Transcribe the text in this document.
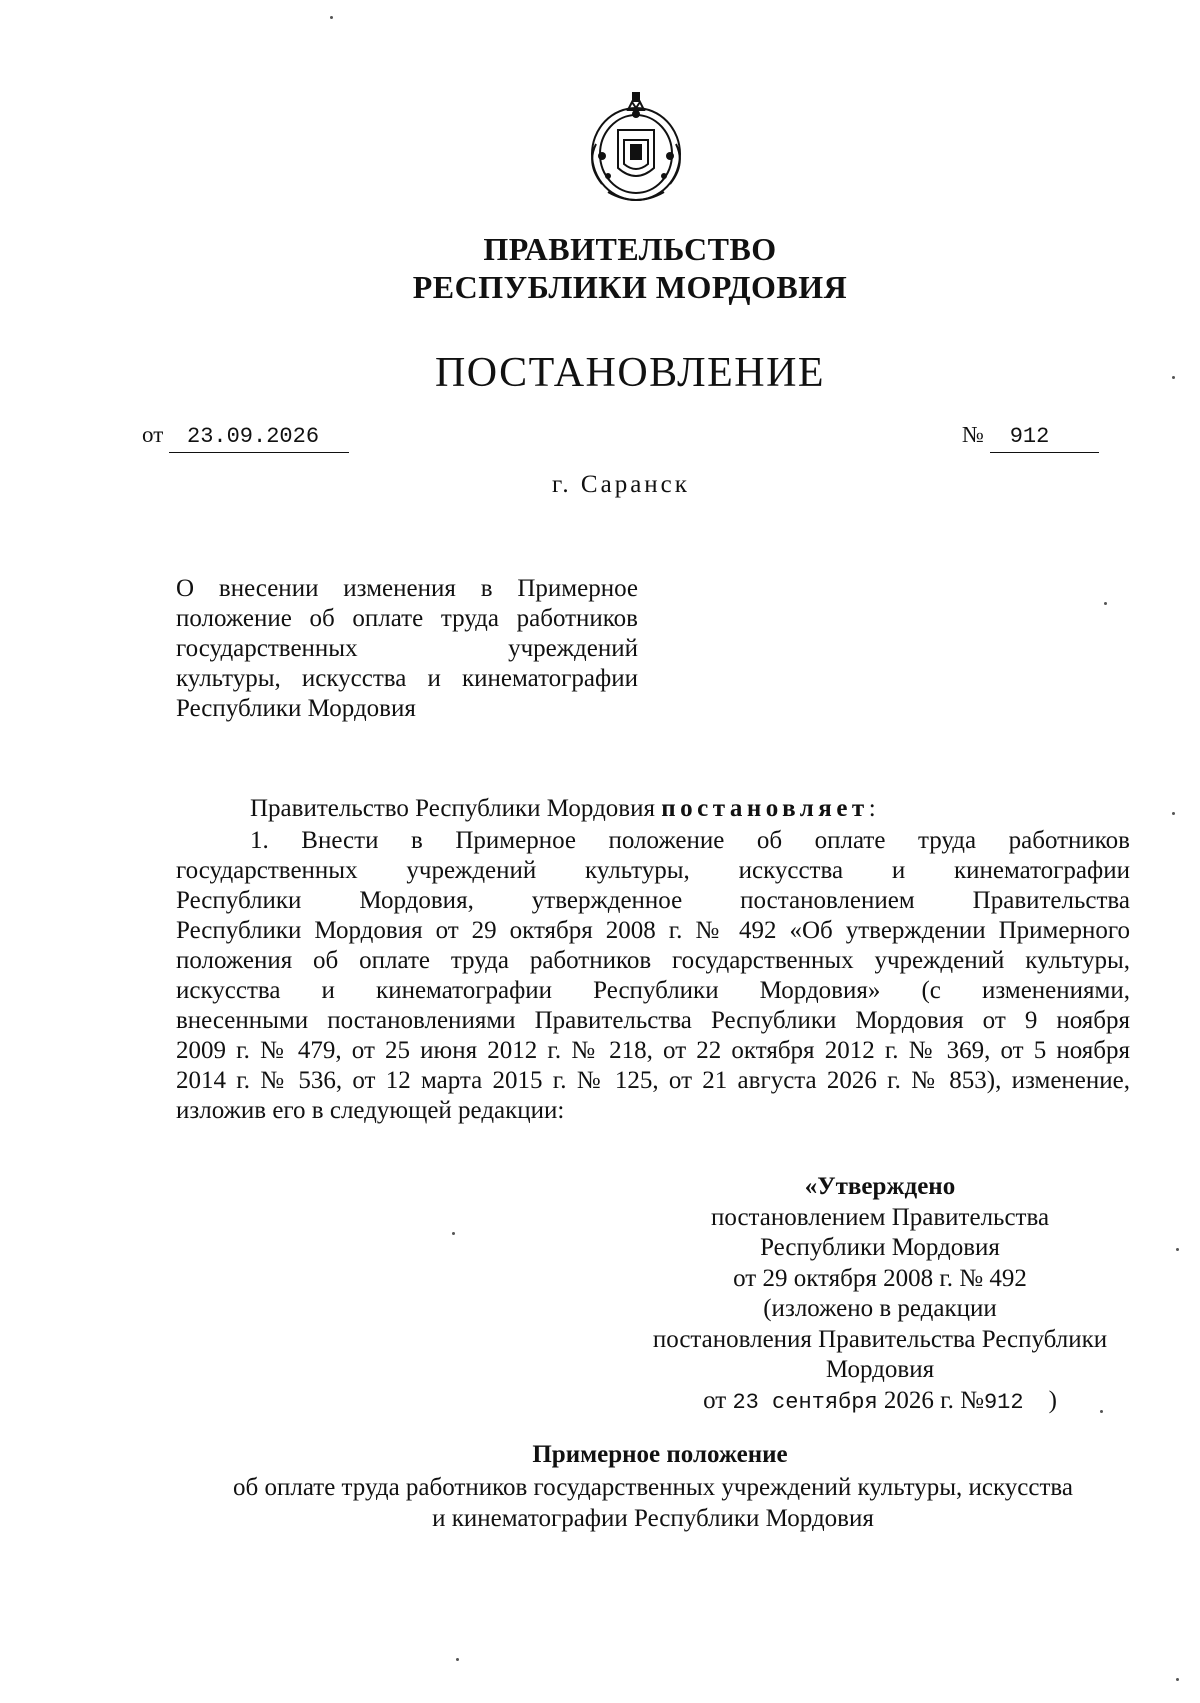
ПРАВИТЕЛЬСТВО
РЕСПУБЛИКИ МОРДОВИЯ
ПОСТАНОВЛЕНИЕ
от 23.09.2026	№ 912
г. Саранск
О внесении изменения в Примерное
положение об оплате труда работников
государственных учреждений
культуры, искусства и кинематографии
Республики Мордовия
Правительство Республики Мордовия постановляет:
1. Внести в Примерное положение об оплате труда работников
государственных учреждений культуры, искусства и кинематографии
Республики Мордовия, утвержденное постановлением Правительства
Республики Мордовия от 29 октября 2008 г. № 492 «Об утверждении Примерного
положения об оплате труда работников государственных учреждений культуры,
искусства и кинематографии Республики Мордовия» (с изменениями,
внесенными постановлениями Правительства Республики Мордовия от 9 ноября
2009 г. № 479, от 25 июня 2012 г. № 218, от 22 октября 2012 г. № 369, от 5 ноября
2014 г. № 536, от 12 марта 2015 г. № 125, от 21 августа 2026 г. № 853), изменение,
изложив его в следующей редакции:
«Утверждено
постановлением Правительства
Республики Мордовия
от 29 октября 2008 г. № 492
(изложено в редакции
постановления Правительства Республики
Мордовия
от 23 сентября 2026 г. №912 )
Примерное положение
об оплате труда работников государственных учреждений культуры, искусства
и кинематографии Республики Мордовия
